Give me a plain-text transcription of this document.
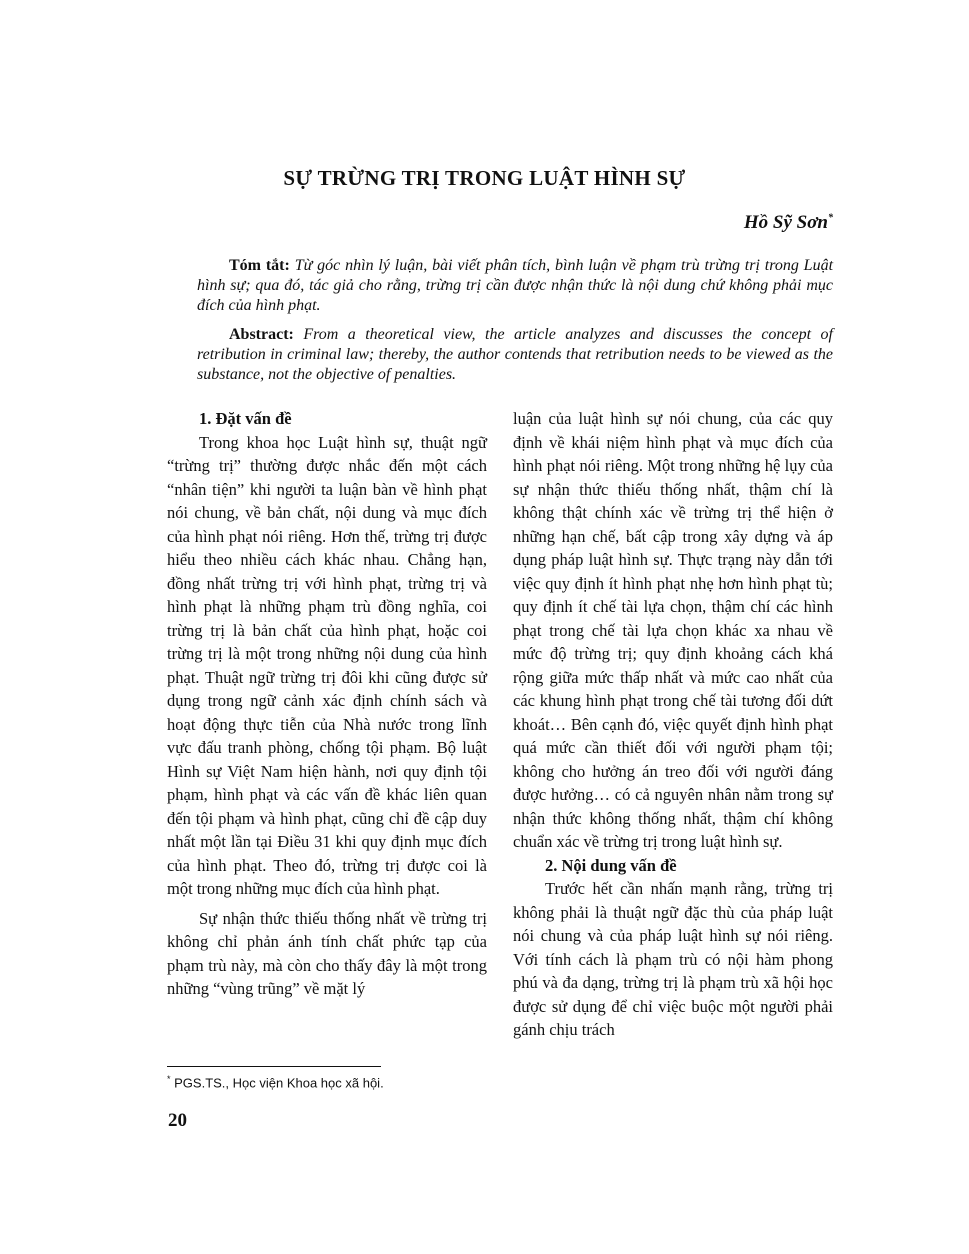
SỰ TRỪNG TRỊ TRONG LUẬT HÌNH SỰ
Hồ Sỹ Sơn*
Tóm tắt: Từ góc nhìn lý luận, bài viết phân tích, bình luận về phạm trù trừng trị trong Luật hình sự; qua đó, tác giả cho rằng, trừng trị cần được nhận thức là nội dung chứ không phải mục đích của hình phạt.
Abstract: From a theoretical view, the article analyzes and discusses the concept of retribution in criminal law; thereby, the author contends that retribution needs to be viewed as the substance, not the objective of penalties.
1. Đặt vấn đề

Trong khoa học Luật hình sự, thuật ngữ “trừng trị” thường được nhắc đến một cách “nhân tiện” khi người ta luận bàn về hình phạt nói chung, về bản chất, nội dung và mục đích của hình phạt nói riêng. Hơn thế, trừng trị được hiểu theo nhiều cách khác nhau. Chẳng hạn, đồng nhất trừng trị với hình phạt, trừng trị và hình phạt là những phạm trù đồng nghĩa, coi trừng trị là bản chất của hình phạt, hoặc coi trừng trị là một trong những nội dung của hình phạt. Thuật ngữ trừng trị đôi khi cũng được sử dụng trong ngữ cảnh xác định chính sách và hoạt động thực tiễn của Nhà nước trong lĩnh vực đấu tranh phòng, chống tội phạm. Bộ luật Hình sự Việt Nam hiện hành, nơi quy định tội phạm, hình phạt và các vấn đề khác liên quan đến tội phạm và hình phạt, cũng chỉ đề cập duy nhất một lần tại Điều 31 khi quy định mục đích của hình phạt. Theo đó, trừng trị được coi là một trong những mục đích của hình phạt.

Sự nhận thức thiếu thống nhất về trừng trị không chỉ phản ánh tính chất phức tạp của phạm trù này, mà còn cho thấy đây là một trong những “vùng trũng” về mặt lý

luận của luật hình sự nói chung, của các quy định về khái niệm hình phạt và mục đích của hình phạt nói riêng. Một trong những hệ lụy của sự nhận thức thiếu thống nhất, thậm chí là không thật chính xác về trừng trị thể hiện ở những hạn chế, bất cập trong xây dựng và áp dụng pháp luật hình sự. Thực trạng này dẫn tới việc quy định ít hình phạt nhẹ hơn hình phạt tù; quy định ít chế tài lựa chọn, thậm chí các hình phạt trong chế tài lựa chọn khác xa nhau về mức độ trừng trị; quy định khoảng cách khá rộng giữa mức thấp nhất và mức cao nhất của các khung hình phạt trong chế tài tương đối dứt khoát… Bên cạnh đó, việc quyết định hình phạt quá mức cần thiết đối với người phạm tội; không cho hưởng án treo đối với người đáng được hưởng… có cả nguyên nhân nằm trong sự nhận thức không thống nhất, thậm chí không chuẩn xác về trừng trị trong luật hình sự.

2. Nội dung vấn đề

Trước hết cần nhấn mạnh rằng, trừng trị không phải là thuật ngữ đặc thù của pháp luật nói chung và của pháp luật hình sự nói riêng. Với tính cách là phạm trù có nội hàm phong phú và đa dạng, trừng trị là phạm trù xã hội học được sử dụng để chỉ việc buộc một người phải gánh chịu trách

* PGS.TS., Học viện Khoa học xã hội.
20
